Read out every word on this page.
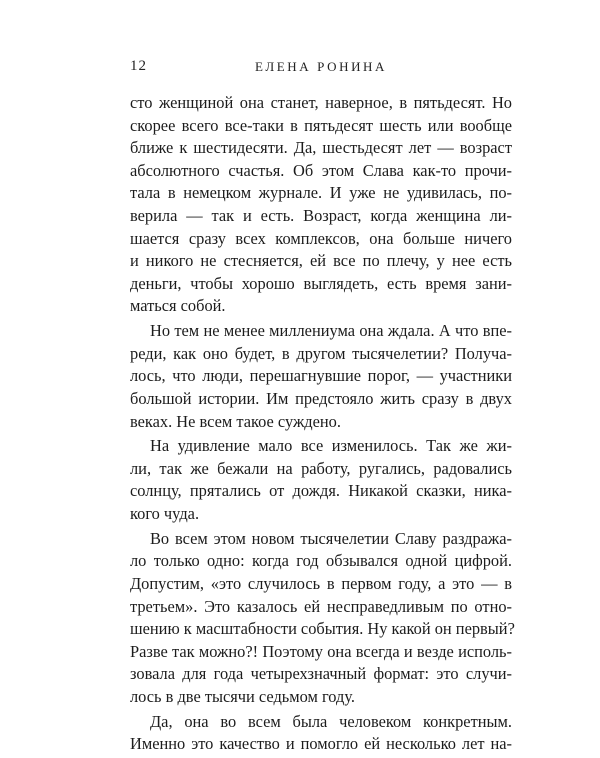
12	ЕЛЕНА РОНИНА
сто женщиной она станет, наверное, в пятьдесят. Но
скорее всего все-таки в пятьдесят шесть или вообще
ближе к шестидесяти. Да, шестьдесят лет — возраст
абсолютного счастья. Об этом Слава как-то прочи-
тала в немецком журнале. И уже не удивилась, по-
верила — так и есть. Возраст, когда женщина ли-
шается сразу всех комплексов, она больше ничего
и никого не стесняется, ей все по плечу, у нее есть
деньги, чтобы хорошо выглядеть, есть время зани-
маться собой.
Но тем не менее миллениума она ждала. А что впе-
реди, как оно будет, в другом тысячелетии? Получа-
лось, что люди, перешагнувшие порог, — участники
большой истории. Им предстояло жить сразу в двух
веках. Не всем такое суждено.
На удивление мало все изменилось. Так же жи-
ли, так же бежали на работу, ругались, радовались
солнцу, прятались от дождя. Никакой сказки, ника-
кого чуда.
Во всем этом новом тысячелетии Славу раздража-
ло только одно: когда год обзывался одной цифрой.
Допустим, «это случилось в первом году, а это — в
третьем». Это казалось ей несправедливым по отно-
шению к масштабности события. Ну какой он первый?
Разве так можно?! Поэтому она всегда и везде исполь-
зовала для года четырехзначный формат: это случи-
лось в две тысячи седьмом году.
Да, она во всем была человеком конкретным.
Именно это качество и помогло ей несколько лет на-
